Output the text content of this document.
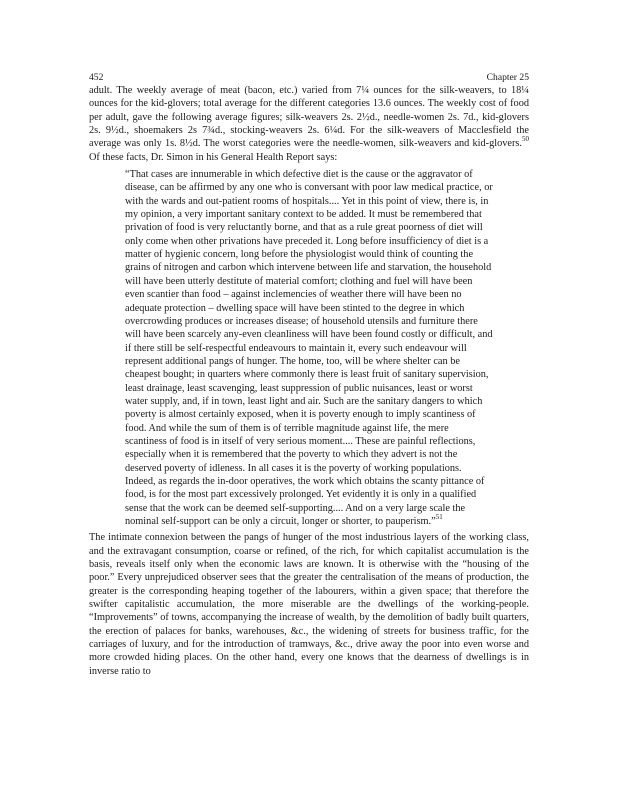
452	Chapter 25

adult. The weekly average of meat (bacon, etc.) varied from 7¼ ounces for the silk-weavers, to 18¼ ounces for the kid-glovers; total average for the different categories 13.6 ounces. The weekly cost of food per adult, gave the following average figures; silk-weavers 2s. 2½d., needle-women 2s. 7d., kid-glovers 2s. 9½d., shoemakers 2s 7¾d., stocking-weavers 2s. 6¼d. For the silk-weavers of Macclesfield the average was only 1s. 8½d. The worst categories were the needle-women, silk-weavers and kid-glovers.$^{50}$ Of these facts, Dr. Simon in his General Health Report says:

“That cases are innumerable in which defective diet is the cause or the aggravator of disease, can be affirmed by any one who is conversant with poor law medical practice, or with the wards and out-patient rooms of hospitals.... Yet in this point of view, there is, in my opinion, a very important sanitary context to be added. It must be remembered that privation of food is very reluctantly borne, and that as a rule great poorness of diet will only come when other privations have preceded it. Long before insufficiency of diet is a matter of hygienic concern, long before the physiologist would think of counting the grains of nitrogen and carbon which intervene between life and starvation, the household will have been utterly destitute of material comfort; clothing and fuel will have been even scantier than food – against inclemencies of weather there will have been no adequate protection – dwelling space will have been stinted to the degree in which overcrowding produces or increases disease; of household utensils and furniture there will have been scarcely any-even cleanliness will have been found costly or difficult, and if there still be self-respectful endeavours to maintain it, every such endeavour will represent additional pangs of hunger. The home, too, will be where shelter can be cheapest bought; in quarters where commonly there is least fruit of sanitary supervision, least drainage, least scavenging, least suppression of public nuisances, least or worst water supply, and, if in town, least light and air. Such are the sanitary dangers to which poverty is almost certainly exposed, when it is poverty enough to imply scantiness of food. And while the sum of them is of terrible magnitude against life, the mere scantiness of food is in itself of very serious moment.... These are painful reflections, especially when it is remembered that the poverty to which they advert is not the deserved poverty of idleness. In all cases it is the poverty of working populations. Indeed, as regards the in-door operatives, the work which obtains the scanty pittance of food, is for the most part excessively prolonged. Yet evidently it is only in a qualified sense that the work can be deemed self-supporting.... And on a very large scale the nominal self-support can be only a circuit, longer or shorter, to pauperism.”$^{51}$

The intimate connexion between the pangs of hunger of the most industrious layers of the working class, and the extravagant consumption, coarse or refined, of the rich, for which capitalist accumulation is the basis, reveals itself only when the economic laws are known. It is otherwise with the “housing of the poor.” Every unprejudiced observer sees that the greater the centralisation of the means of production, the greater is the corresponding heaping together of the labourers, within a given space; that therefore the swifter capitalistic accumulation, the more miserable are the dwellings of the working-people. “Improvements” of towns, accompanying the increase of wealth, by the demolition of badly built quarters, the erection of palaces for banks, warehouses, &c., the widening of streets for business traffic, for the carriages of luxury, and for the introduction of tramways, &c., drive away the poor into even worse and more crowded hiding places. On the other hand, every one knows that the dearness of dwellings is in inverse ratio to
